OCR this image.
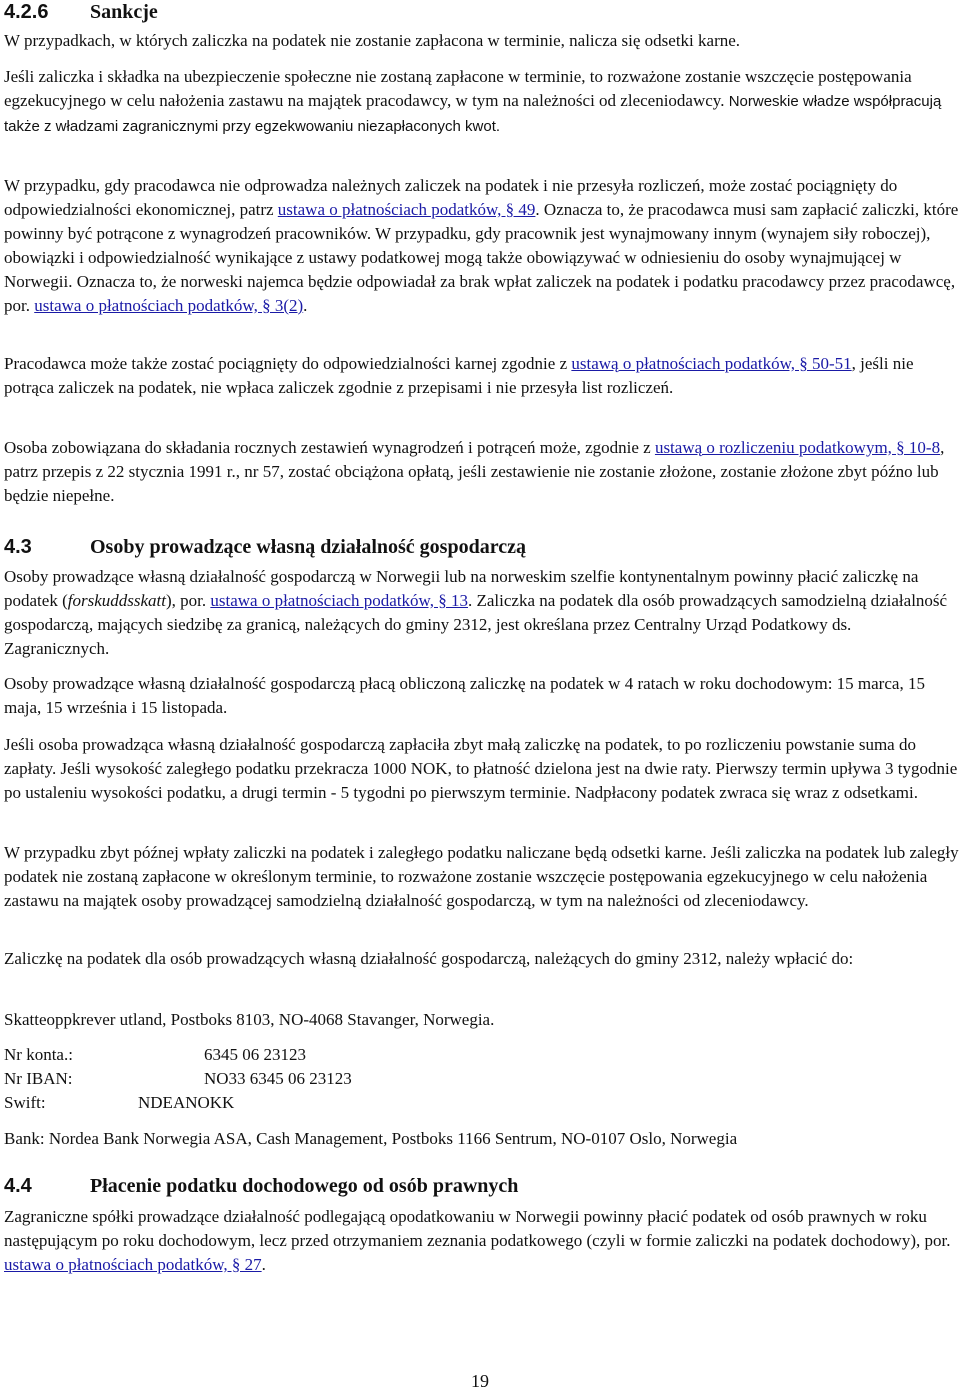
4.2.6 Sankcje

W przypadkach, w których zaliczka na podatek nie zostanie zapłacona w terminie, nalicza się odsetki karne.

Jeśli zaliczka i składka na ubezpieczenie społeczne nie zostaną zapłacone w terminie, to rozważone zostanie wszczęcie postępowania egzekucyjnego w celu nałożenia zastawu na majątek pracodawcy, w tym na należności od zleceniodawcy. Norweskie władze współpracują także z władzami zagranicznymi przy egzekwowaniu niezapłaconych kwot.

W przypadku, gdy pracodawca nie odprowadza należnych zaliczek na podatek i nie przesyła rozliczeń, może zostać pociągnięty do odpowiedzialności ekonomicznej, patrz ustawa o płatnościach podatków, § 49. Oznacza to, że pracodawca musi sam zapłacić zaliczki, które powinny być potrącone z wynagrodzeń pracowników. W przypadku, gdy pracownik jest wynajmowany innym (wynajem siły roboczej), obowiązki i odpowiedzialność wynikające z ustawy podatkowej mogą także obowiązywać w odniesieniu do osoby wynajmującej w Norwegii. Oznacza to, że norweski najemca będzie odpowiadał za brak wpłat zaliczek na podatek i podatku pracodawcy przez pracodawcę, por. ustawa o płatnościach podatków, § 3(2).

Pracodawca może także zostać pociągnięty do odpowiedzialności karnej zgodnie z ustawą o płatnościach podatków, § 50-51, jeśli nie potrąca zaliczek na podatek, nie wpłaca zaliczek zgodnie z przepisami i nie przesyła list rozliczeń.

Osoba zobowiązana do składania rocznych zestawień wynagrodzeń i potrąceń może, zgodnie z ustawą o rozliczeniu podatkowym, § 10-8, patrz przepis z 22 stycznia 1991 r., nr 57, zostać obciążona opłatą, jeśli zestawienie nie zostanie złożone, zostanie złożone zbyt późno lub będzie niepełne.

4.3	Osoby prowadzące własną działalność gospodarczą

Osoby prowadzące własną działalność gospodarczą w Norwegii lub na norweskim szelfie kontynentalnym powinny płacić zaliczkę na podatek (forskuddsskatt), por. ustawa o płatnościach podatków, § 13. Zaliczka na podatek dla osób prowadzących samodzielną działalność gospodarczą, mających siedzibę za granicą, należących do gminy 2312, jest określana przez Centralny Urząd Podatkowy ds. Zagranicznych.

Osoby prowadzące własną działalność gospodarczą płacą obliczoną zaliczkę na podatek w 4 ratach w roku dochodowym: 15 marca, 15 maja, 15 września i 15 listopada.

Jeśli osoba prowadząca własną działalność gospodarczą zapłaciła zbyt małą zaliczkę na podatek, to po rozliczeniu powstanie suma do zapłaty. Jeśli wysokość zaległego podatku przekracza 1000 NOK, to płatność dzielona jest na dwie raty. Pierwszy termin upływa 3 tygodnie po ustaleniu wysokości podatku, a drugi termin - 5 tygodni po pierwszym terminie. Nadpłacony podatek zwraca się wraz z odsetkami.

W przypadku zbyt późnej wpłaty zaliczki na podatek i zaległego podatku naliczane będą odsetki karne. Jeśli zaliczka na podatek lub zaległy podatek nie zostaną zapłacone w określonym terminie, to rozważone zostanie wszczęcie postępowania egzekucyjnego w celu nałożenia zastawu na majątek osoby prowadzącej samodzielną działalność gospodarczą, w tym na należności od zleceniodawcy.

Zaliczkę na podatek dla osób prowadzących własną działalność gospodarczą, należących do gminy 2312, należy wpłacić do:

Skatteoppkrever utland, Postboks 8103, NO-4068 Stavanger, Norwegia.

Nr konta.:	6345 06 23123
Nr IBAN:	NO33 6345 06 23123
Swift:	NDEANOKK

Bank: Nordea Bank Norwegia ASA, Cash Management, Postboks 1166 Sentrum, NO-0107 Oslo, Norwegia

4.4	Płacenie podatku dochodowego od osób prawnych

Zagraniczne spółki prowadzące działalność podlegającą opodatkowaniu w Norwegii powinny płacić podatek od osób prawnych w roku następującym po roku dochodowym, lecz przed otrzymaniem zeznania podatkowego (czyli w formie zaliczki na podatek dochodowy), por. ustawa o płatnościach podatków, § 27.

19
